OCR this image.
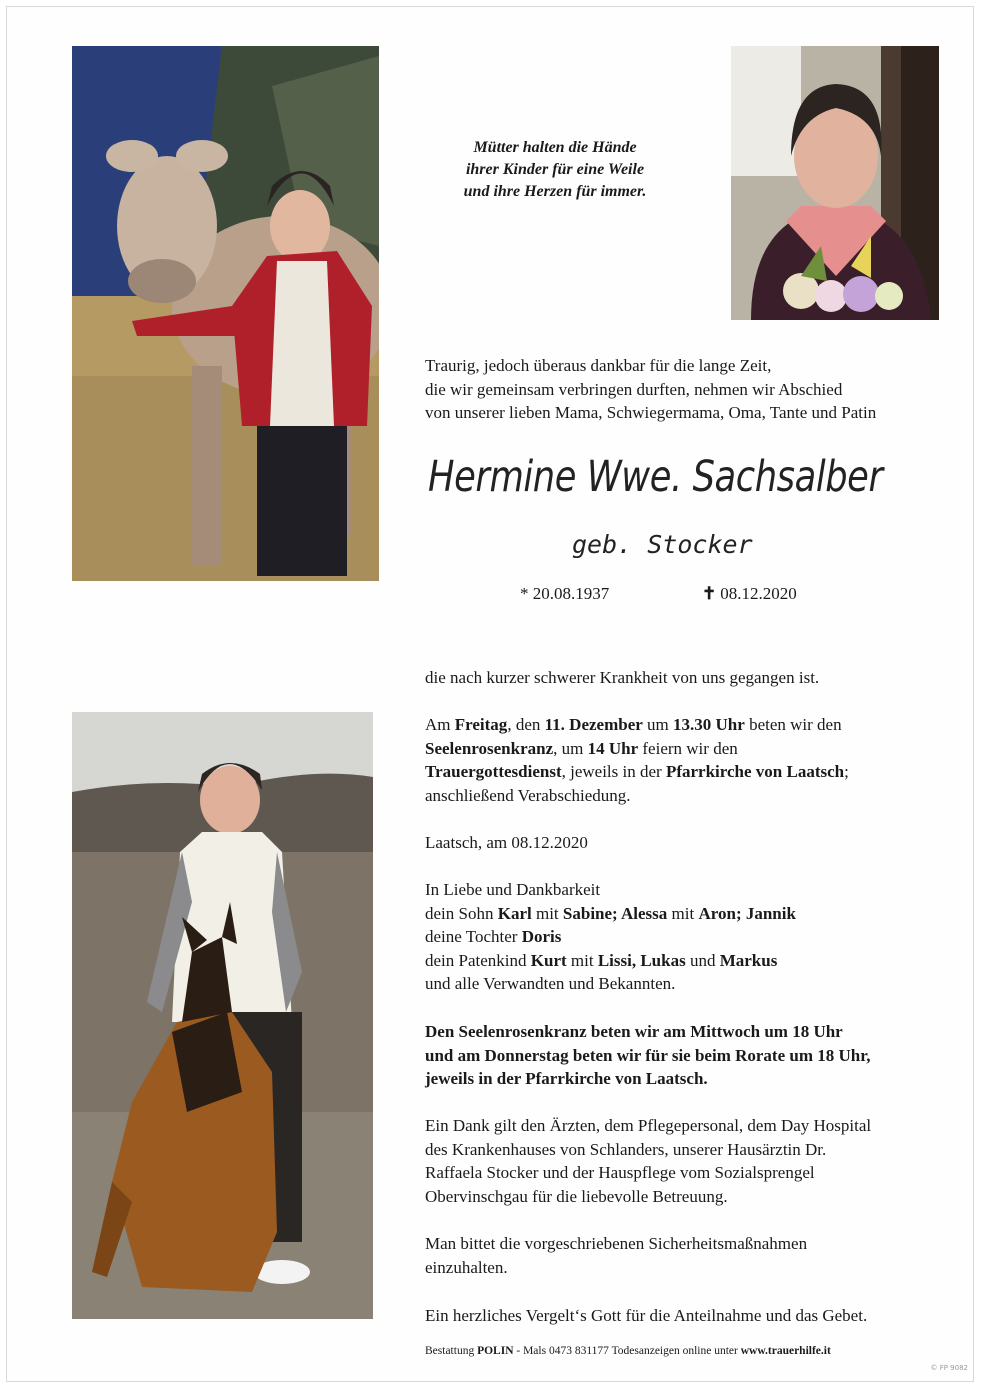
Mütter halten die Hände
ihrer Kinder für eine Weile
und ihre Herzen für immer.
Traurig, jedoch überaus dankbar für die lange Zeit,
die wir gemeinsam verbringen durften, nehmen wir Abschied
von unserer lieben Mama, Schwiegermama, Oma, Tante und Patin
Hermine Wwe. Sachsalber
geb. Stocker
* 20.08.1937	✝ 08.12.2020
die nach kurzer schwerer Krankheit von uns gegangen ist.
Am Freitag, den 11. Dezember um 13.30 Uhr beten wir den
Seelenrosenkranz, um 14 Uhr feiern wir den
Trauergottesdienst, jeweils in der Pfarrkirche von Laatsch;
anschließend Verabschiedung.
Laatsch, am 08.12.2020
In Liebe und Dankbarkeit
dein Sohn Karl mit Sabine; Alessa mit Aron; Jannik
deine Tochter Doris
dein Patenkind Kurt mit Lissi, Lukas und Markus
und alle Verwandten und Bekannten.
Den Seelenrosenkranz beten wir am Mittwoch um 18 Uhr
und am Donnerstag beten wir für sie beim Rorate um 18 Uhr,
jeweils in der Pfarrkirche von Laatsch.
Ein Dank gilt den Ärzten, dem Pflegepersonal, dem Day Hospital
des Krankenhauses von Schlanders, unserer Hausärztin Dr.
Raffaela Stocker und der Hauspflege vom Sozialsprengel
Obervinschgau für die liebevolle Betreuung.
Man bittet die vorgeschriebenen Sicherheitsmaßnahmen
einzuhalten.
Ein herzliches Vergelt‘s Gott für die Anteilnahme und das Gebet.
Bestattung POLIN - Mals 0473 831177 Todesanzeigen online unter www.trauerhilfe.it
© FP 9082
